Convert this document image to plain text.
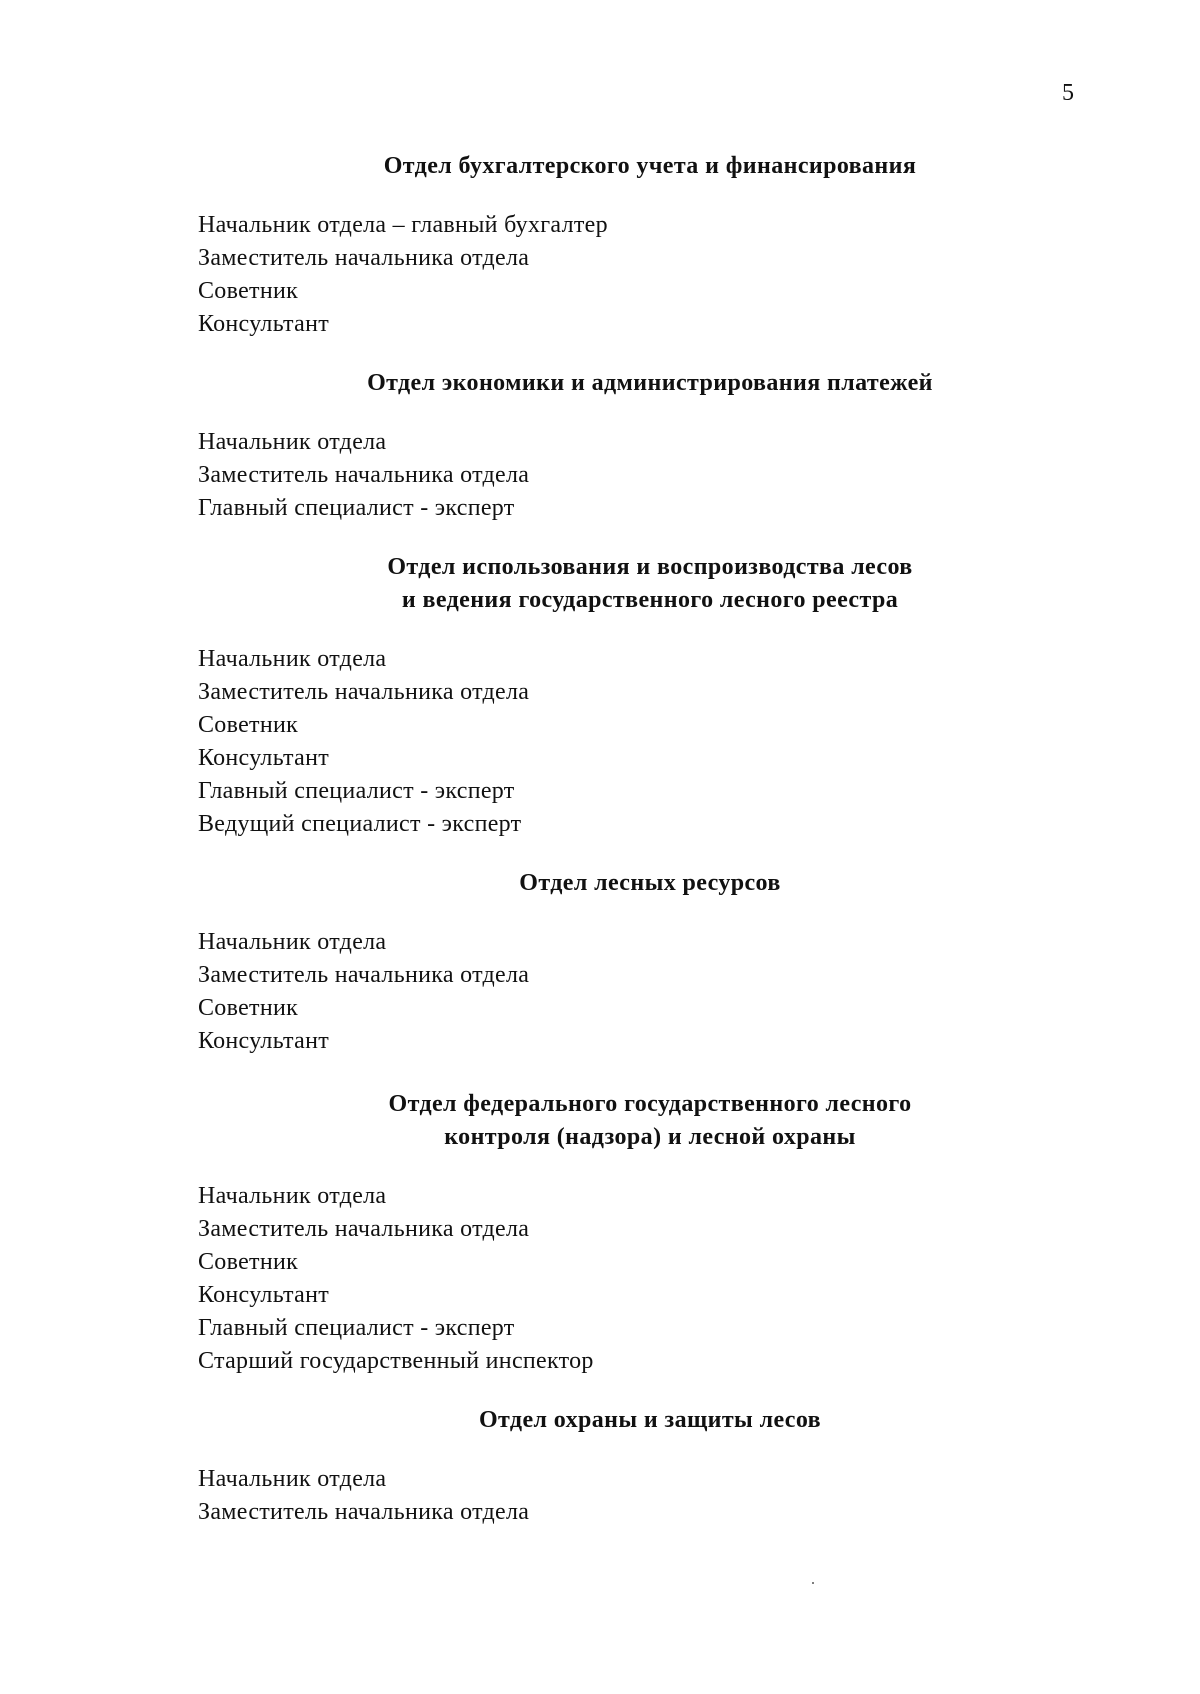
5
Отдел бухгалтерского учета и финансирования
Начальник отдела – главный бухгалтер
Заместитель начальника отдела
Советник
Консультант
Отдел экономики и администрирования платежей
Начальник отдела
Заместитель начальника отдела
Главный специалист - эксперт
Отдел использования и воспроизводства лесов
и ведения государственного лесного реестра
Начальник отдела
Заместитель начальника отдела
Советник
Консультант
Главный специалист - эксперт
Ведущий специалист - эксперт
Отдел лесных ресурсов
Начальник отдела
Заместитель начальника отдела
Советник
Консультант
Отдел федерального государственного лесного
контроля (надзора) и лесной охраны
Начальник отдела
Заместитель начальника отдела
Советник
Консультант
Главный специалист - эксперт
Старший государственный инспектор
Отдел охраны и защиты лесов
Начальник отдела
Заместитель начальника отдела
